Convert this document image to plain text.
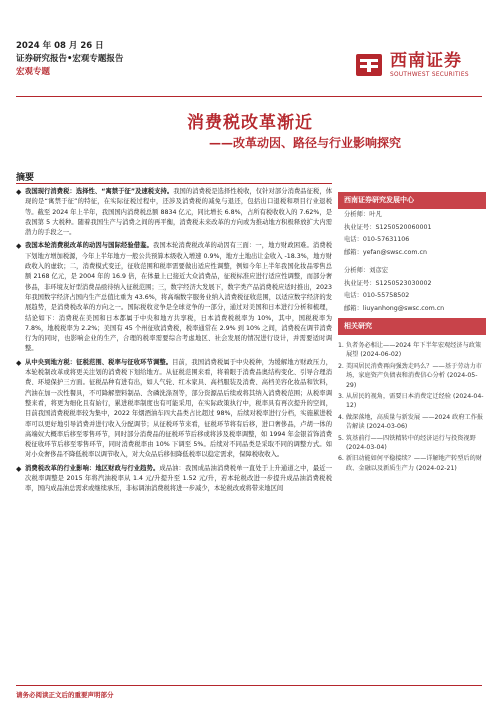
2024 年 08 月 26 日
证券研究报告•宏观专题报告
宏观专题
西南证券
SOUTHWEST SECURITIES
消费税改革渐近
——改革动因、路径与行业影响探究
摘要

◆ 我国现行消费税：选择性、“寓禁于征”及速税支持。我国的消费税是选择性税收，仅针对部分消费品征税，体现的是“寓禁于征”的特征，在实际征税过程中，还涉及消费税的减免与退还，包括出口退税和项目行业退税等。截至 2024 年上半年，我国国内消费税总额 8834 亿元，同比增长 6.8%，占所有税收收入的 7.62%，是我国第 5 大税种。随着我国生产与消费之间的再平衡，消费税未来改革的方向或为推动地方积极释放扩大内需潜力的手段之一。

◆ 我国本轮消费税改革的动因与国际经验借鉴。我国本轮消费税改革的动因有三面：一，地方财政困难。消费税下划地方增加税源，今年上半年地方一般公共预算本级收入增速 0.9%，地方土地出让金收入 -18.3%，地方财政收入的虚软；二，消费模式变迁，征收范围和税率需要做出适应性调整，例如今年上半年我国化妆品零售总额 2168 亿元，是 2004 年的 16.9 倍，在体量上已接近大众消费品，征税标准应进行适应性调整，而部分奢侈品，非环境友好型消费品亟待纳入征税范围；三，数字经济大发展下，数字类产品消费税应适时推出，2023 年我国数字经济占国内生产总值比重为 43.6%，将高端数字服务业纳入消费税征收范围，以适应数字经济的发展趋势，是消费税改革的方向之一。国际税收竞争是全球竞争的一部分，通过对美国和日本进行分析和梳理，结论如下：消费税在美国和日本都属于中央和地方共享税，日本消费税税率为 10%，其中，国税税率为 7.8%，地税税率为 2.2%；美国有 45 个州征收消费税，税率通常在 2.9% 到 10% 之间，消费税在调节消费行为的同时，也影响企业的生产，合理的税率需要综合考虑地区、社会发展的情况进行设计，并需要适时调整。

◆ 从中央到地方税：征税范围、税率与征收环节调整。目前，我国消费税属于中央税种，为缓解地方财政压力，本轮税制改革或将更关注划的消费税下划给地方。从征税范围来看，将着眼于消费品奥结构变化、引导合理消费、环境保护三方面。征税品种有进有出，如人气轮、红木家具、高档服装及消费、高档美容化妆品和饮料，汽油在加一次性餐具，不可降解塑料制品、含磷洗涤剂等，部分资源品后续或将其纳入消费税范围；从税率调整来看，将更为细化且有始行，累进税率制度也有可能采用，在实际政策执行中，税率具有再次提升的空间，目前我国消费税税率较为集中，2022 年烟酒油车四大品类占比超过 98%，后续对税率进行分档，实施累进税率可以更好地引导消费并进行收入分配调节；从征税环节来看，征税环节将有后移，进口奢侈品，卢胡一体的高端奴大概率后移至零售环节，同时部分消费品的征税环节后移或将涉及税率调整，如 1994 年金银首饰消费税征收环节后移至零售环节，同时消费税率由 10% 下调至 5%。后续对不同品类是采取不同的调整方式。如对小众奢侈品不降低税率以调节收入，对大众品后移但降低税率以稳定需求，保障税收收入。

◆ 消费税改革的行业影响：地区财政与行业趋势。成品油：我国成品油消费税单一直处于上升通道之中，最近一次税率调整是 2015 年将汽油税率从 1.4 元/升提升至 1.52 元/升，若本轮税改进一步提升成品油消费税税率，国内成品油总需求或继续承压，非标调油消费税将进一步减少，本轮税改或将带来地区间

西南证券研究发展中心
分析师：叶凡
执业证号：S1250520060001
电话：010-57631106
邮箱：yefan@swsc.com.cn
分析师：刘彦宏
执业证号：S1250523030002
电话：010-55758502
邮箱：liuyanhong@swsc.com.cn
相关研究
1. 负者务必相让——2024 年下半年宏观经济与政策展望 (2024-06-02)
2. 美国居民消费再向强劲走吗么？——基于劳动力市场，家庭资产负债表和消费信心分析 (2024-05-29)
3. 从居民的视角，需要日本消费定迁经验 (2024-04-12)
4. 做深落地，高质量与新发展 ——2024 政府工作报告解读 (2024-03-06)
5. 筑基前行——四铁精转中的经济运行与投资视野 (2024-03-04)
6. 新旧动能如何平稳接续？——详解地产转型后的财政、金融以及新质生产力 (2024-02-21)
请务必阅读正文后的重要声明部分
